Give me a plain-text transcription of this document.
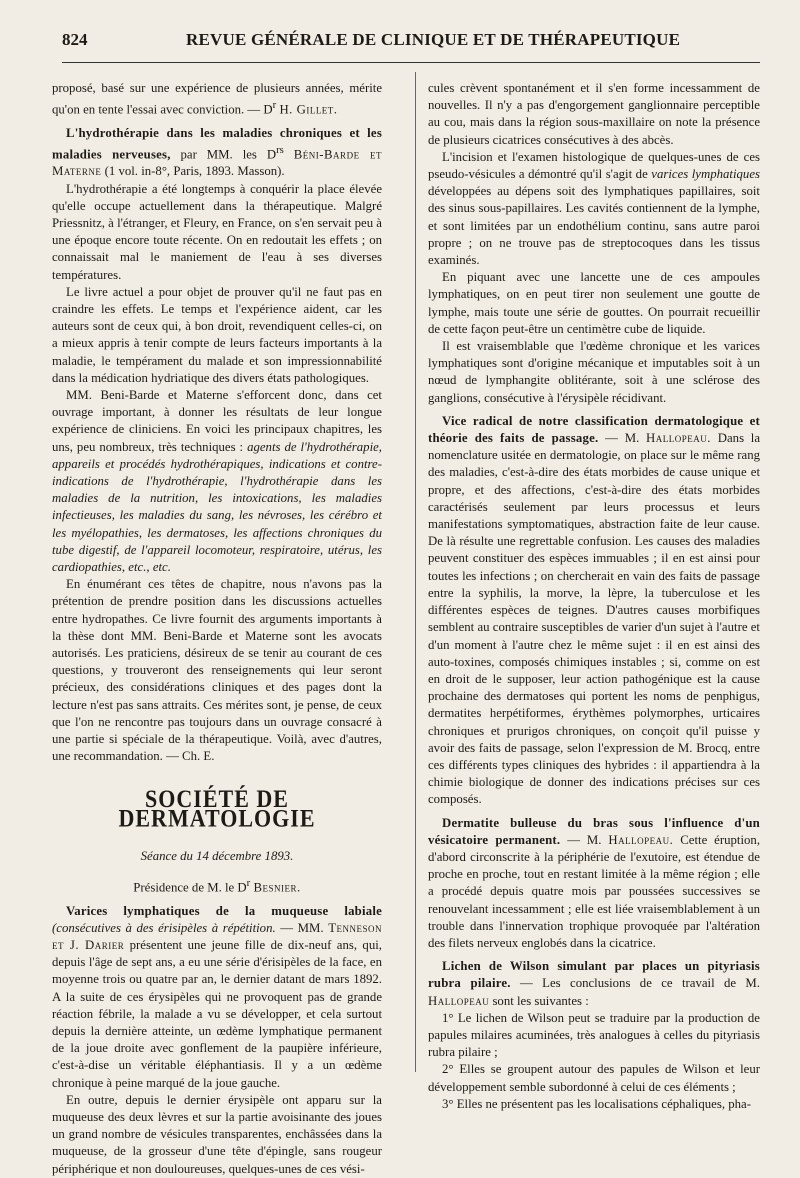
824	REVUE GÉNÉRALE DE CLINIQUE ET DE THÉRAPEUTIQUE

proposé, basé sur une expérience de plusieurs années, mérite qu'on en tente l'essai avec conviction. — $D^r$ H. Gillet.

L'hydrothérapie dans les maladies chroniques et les maladies nerveuses, par MM. les $D^{rs}$ Béni-Barde et Materne (1 vol. in-8°, Paris, 1893. Masson).

L'hydrothérapie a été longtemps à conquérir la place élevée qu'elle occupe actuellement dans la thérapeutique. Malgré Priessnitz, à l'étranger, et Fleury, en France, on s'en servait peu à une époque encore toute récente. On en redoutait les effets ; on connaissait mal le maniement de l'eau à ses diverses températures.

Le livre actuel a pour objet de prouver qu'il ne faut pas en craindre les effets. Le temps et l'expérience aident, car les auteurs sont de ceux qui, à bon droit, revendiquent celles-ci, on a mieux appris à tenir compte de leurs facteurs importants à la maladie, le tempérament du malade et son impressionnabilité dans la médication hydriatique des divers états pathologiques.

MM. Beni-Barde et Materne s'efforcent donc, dans cet ouvrage important, à donner les résultats de leur longue expérience de cliniciens. En voici les principaux chapitres, les uns, peu nombreux, très techniques : agents de l'hydrothérapie, appareils et procédés hydrothérapiques, indications et contre-indications de l'hydrothérapie, l'hydrothérapie dans les maladies de la nutrition, les intoxications, les maladies infectieuses, les maladies du sang, les névroses, les cérébro et les myélopathies, les dermatoses, les affections chroniques du tube digestif, de l'appareil locomoteur, respiratoire, utérus, les cardiopathies, etc., etc.

En énumérant ces têtes de chapitre, nous n'avons pas la prétention de prendre position dans les discussions actuelles entre hydropathes. Ce livre fournit des arguments importants à la thèse dont MM. Beni-Barde et Materne sont les avocats autorisés. Les praticiens, désireux de se tenir au courant de ces questions, y trouveront des renseignements qui leur seront précieux, des considérations cliniques et des pages dont la lecture n'est pas sans attraits. Ces mérites sont, je pense, de ceux que l'on ne rencontre pas toujours dans un ouvrage consacré à une partie si spéciale de la thérapeutique. Voilà, avec d'autres, une recommandation. — Ch. E.

SOCIÉTÉ DE DERMATOLOGIE
Séance du 14 décembre 1893.
Présidence de M. le $D^r$ Besnier.

Varices lymphatiques de la muqueuse labiale (consécutives à des érisipèles à répétition. — MM. Tenneson et J. Darier présentent une jeune fille de dix-neuf ans, qui, depuis l'âge de sept ans, a eu une série d'érisipèles de la face, en moyenne trois ou quatre par an, le dernier datant de mars 1892. A la suite de ces érysipèles qui ne provoquent pas de grande réaction fébrile, la malade a vu se développer, et cela surtout depuis la dernière atteinte, un œdème lymphatique permanent de la joue droite avec gonflement de la paupière inférieure, c'est-à-dise un véritable éléphantiasis. Il y a un œdème chronique à peine marqué de la joue gauche.

En outre, depuis le dernier érysipèle ont apparu sur la muqueuse des deux lèvres et sur la partie avoisinante des joues un grand nombre de vésicules transparentes, enchâssées dans la muqueuse, de la grosseur d'une tête d'épingle, sans rougeur périphérique et non douloureuses, quelques-unes de ces vési-

cules crèvent spontanément et il s'en forme incessamment de nouvelles. Il n'y a pas d'engorgement ganglionnaire perceptible au cou, mais dans la région sous-maxillaire on note la présence de plusieurs cicatrices consécutives à des abcès.

L'incision et l'examen histologique de quelques-unes de ces pseudo-vésicules a démontré qu'il s'agit de varices lymphatiques développées au dépens soit des lymphatiques papillaires, soit des sinus sous-papillaires. Les cavités contiennent de la lymphe, et sont limitées par un endothélium continu, sans autre paroi propre ; on ne trouve pas de streptocoques dans les tissus examinés.

En piquant avec une lancette une de ces ampoules lymphatiques, on en peut tirer non seulement une goutte de lymphe, mais toute une série de gouttes. On pourrait recueillir de cette façon peut-être un centimètre cube de liquide.

Il est vraisemblable que l'œdème chronique et les varices lymphatiques sont d'origine mécanique et imputables soit à un nœud de lymphangite oblitérante, soit à une sclérose des ganglions, consécutive à l'érysipèle récidivant.

Vice radical de notre classification dermatologique et théorie des faits de passage. — M. Hallopeau. Dans la nomenclature usitée en dermatologie, on place sur le même rang des maladies, c'est-à-dire des états morbides de cause unique et propre, et des affections, c'est-à-dire des états morbides caractérisés seulement par leurs processus et leurs manifestations symptomatiques, abstraction faite de leur cause. De là résulte une regrettable confusion. Les causes des maladies peuvent constituer des espèces immuables ; il en est ainsi pour toutes les infections ; on chercherait en vain des faits de passage entre la syphilis, la morve, la lèpre, la tuberculose et les différentes espèces de teignes. D'autres causes morbifiques semblent au contraire susceptibles de varier d'un sujet à l'autre et d'un moment à l'autre chez le même sujet : il en est ainsi des auto-toxines, composés chimiques instables ; si, comme on est en droit de le supposer, leur action pathogénique est la cause prochaine des dermatoses qui portent les noms de penphigus, dermatites herpétiformes, érythèmes polymorphes, urticaires chroniques et prurigos chroniques, on conçoit qu'il puisse y avoir des faits de passage, selon l'expression de M. Brocq, entre ces différents types cliniques des hybrides : il appartiendra à la chimie biologique de donner des indications précises sur ces composés.

Dermatite bulleuse du bras sous l'influence d'un vésicatoire permanent. — M. Hallopeau. Cette éruption, d'abord circonscrite à la périphérie de l'exutoire, est étendue de proche en proche, tout en restant limitée à la même région ; elle a procédé depuis quatre mois par poussées successives se renouvelant incessamment ; elle est liée vraisemblablement à un trouble dans l'innervation trophique provoquée par l'altération des filets nerveux englobés dans la cicatrice.

Lichen de Wilson simulant par places un pityriasis rubra pilaire. — Les conclusions de ce travail de M. Hallopeau sont les suivantes :

1° Le lichen de Wilson peut se traduire par la production de papules milaires acuminées, très analogues à celles du pityriasis rubra pilaire ;

2° Elles se groupent autour des papules de Wilson et leur développement semble subordonné à celui de ces éléments ;

3° Elles ne présentent pas les localisations céphaliques, pha-
